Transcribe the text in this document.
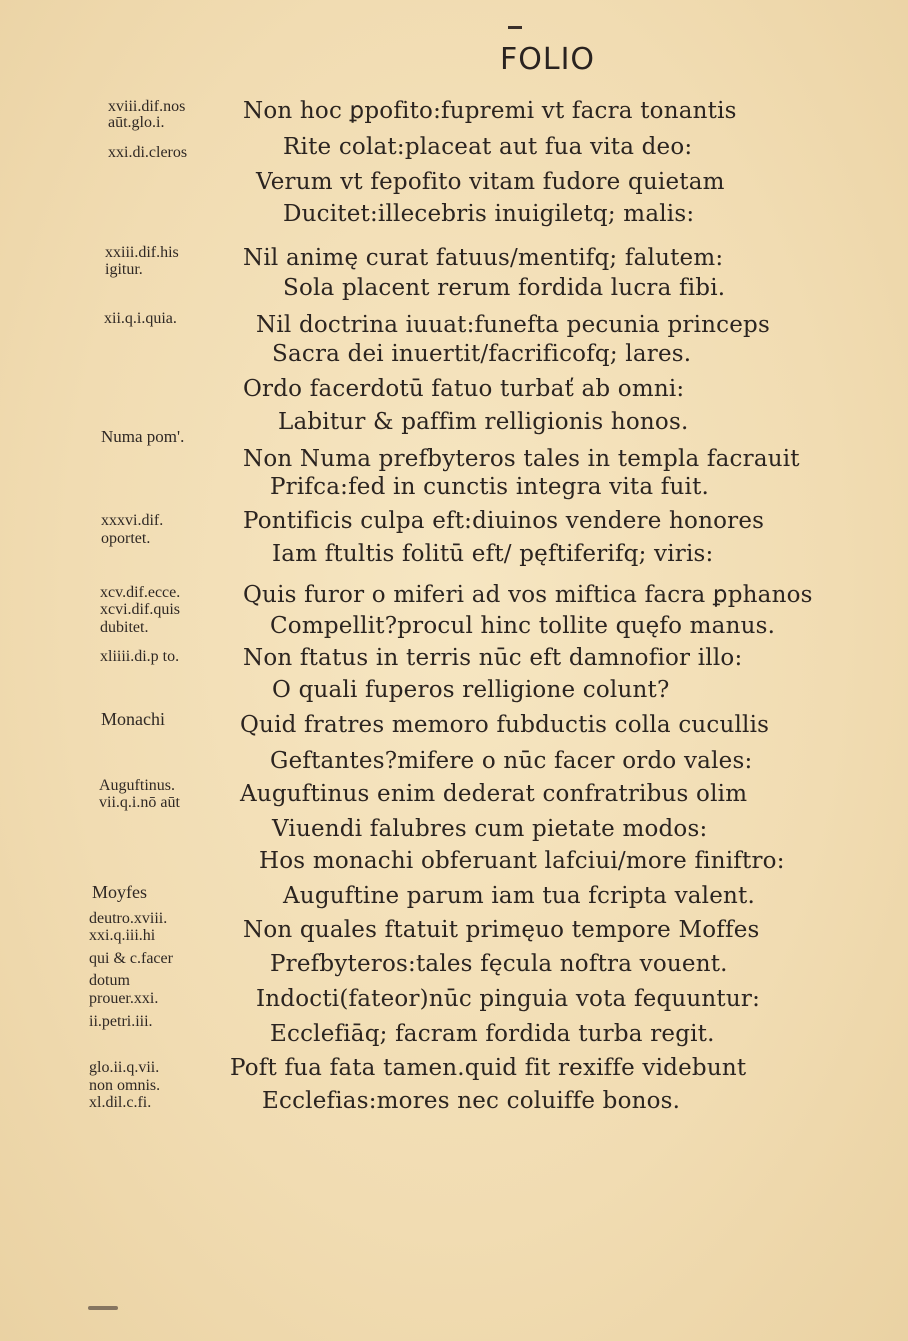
FOLIO
Non hoc ꝑpofito:fupremi vt facra tonantis
Rite colat:placeat aut fua vita deo:
Verum vt fepofito vitam fudore quietam
Ducitet:illecebris inuigiletq; malis:
Nil animę curat fatuus/mentifq; falutem:
Sola placent rerum fordida lucra fibi.
Nil doctrina iuuat:funefta pecunia princeps
Sacra dei inuertit/facrificofq; lares.
Ordo facerdotū fatuo turbať ab omni:
Labitur & paffim relligionis honos.
Non Numa prefbyteros tales in templa facrauit
Prifca:fed in cunctis integra vita fuit.
Pontificis culpa eft:diuinos vendere honores
Iam ftultis folitū eft/ pęftiferifq; viris:
Quis furor o miferi ad vos miftica facra ꝑphanos
Compellit?procul hinc tollite quęfo manus.
Non ftatus in terris nūc eft damnofior illo:
O quali fuperos relligione colunt?
Quid fratres memoro fubductis colla cucullis
Geftantes?mifere o nūc facer ordo vales:
Auguftinus enim dederat confratribus olim
Viuendi falubres cum pietate modos:
Hos monachi obferuant lafciui/more finiftro:
Auguftine parum iam tua fcripta valent.
Non quales ftatuit primęuo tempore Moffes
Prefbyteros:tales fęcula noftra vouent.
Indocti(fateor)nūc pinguia vota fequuntur:
Ecclefiāq; facram fordida turba regit.
Poft fua fata tamen.quid fit rexiffe videbunt
Ecclefias:mores nec coluiffe bonos.
xviii.dif.nos
aūt.glo.i.
xxi.di.cleros
xxiii.dif.his
igitur.
xii.q.i.quia.
Numa pom'.
xxxvi.dif.
oportet.
xcv.dif.ecce.
xcvi.dif.quis
dubitet.
xliiii.di.p to.
Monachi
Auguftinus.
vii.q.i.nō aūt
Moyfes
deutro.xviii.
xxi.q.iii.hi
qui & c.facer
dotum
prouer.xxi.
ii.petri.iii.
glo.ii.q.vii.
non omnis.
xl.dil.c.fi.
